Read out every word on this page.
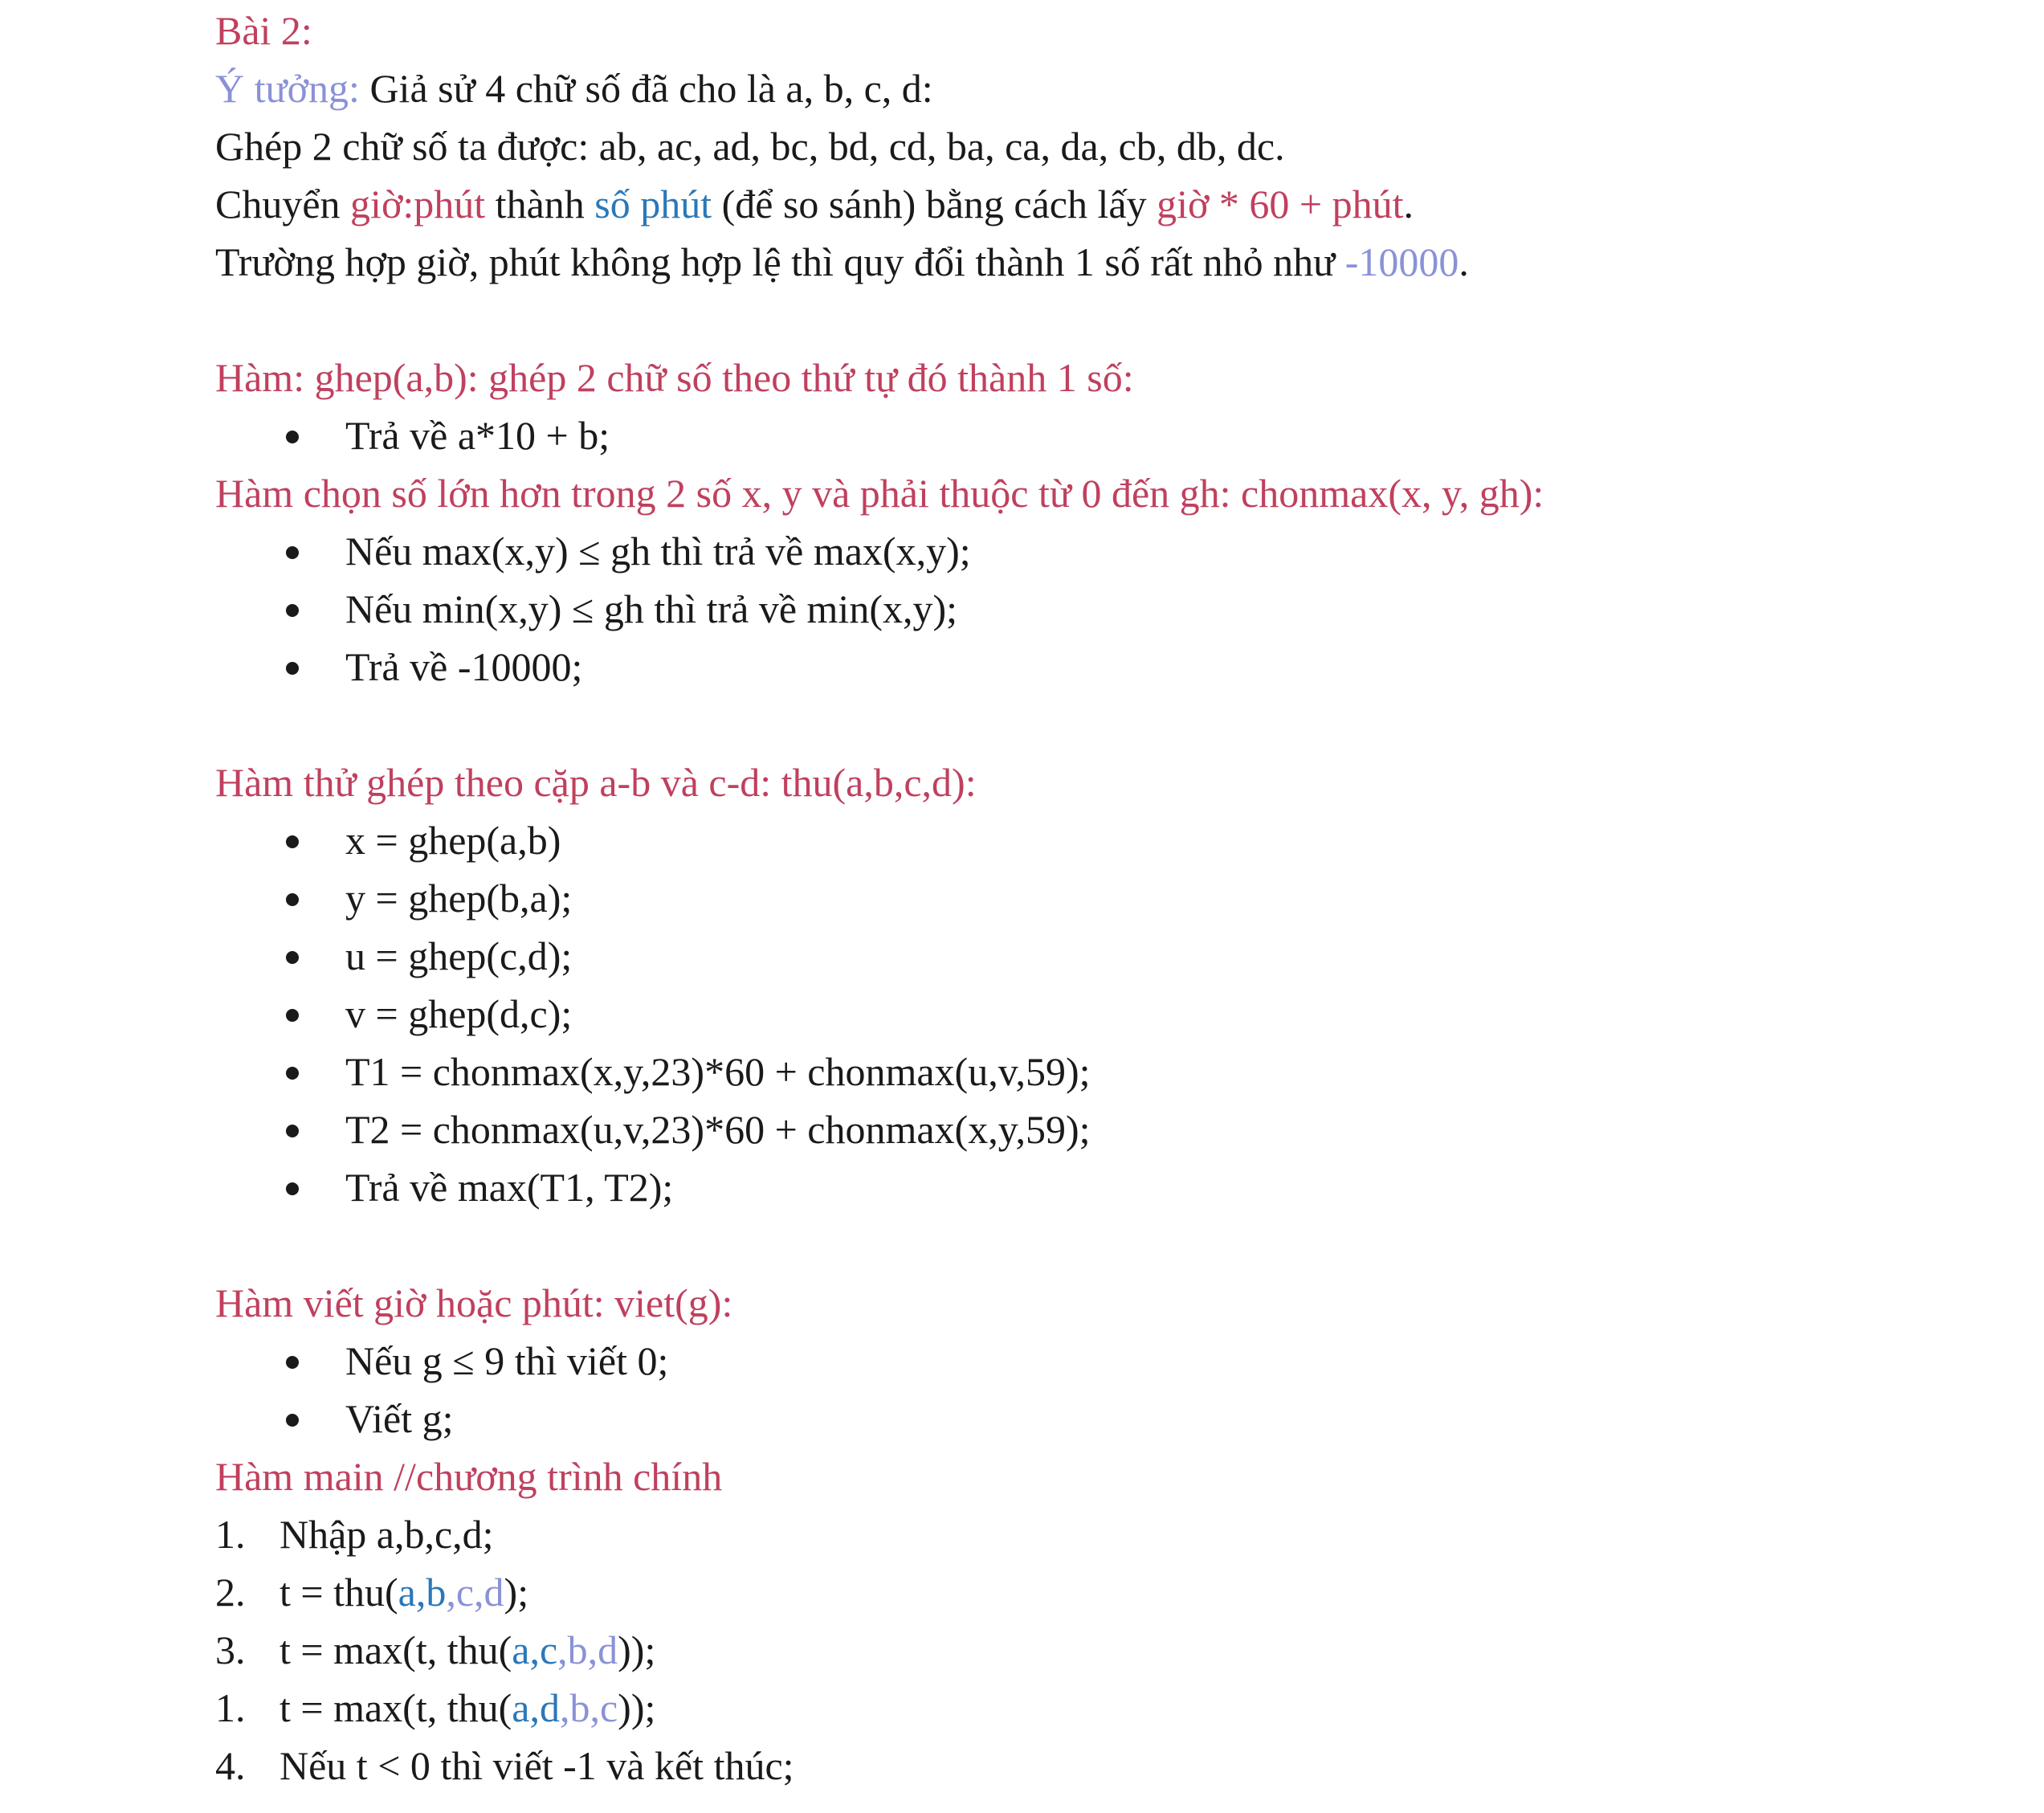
Bài 2:
Ý tưởng: Giả sử 4 chữ số đã cho là a, b, c, d:
Ghép 2 chữ số ta được: ab, ac, ad, bc, bd, cd, ba, ca, da, cb, db, dc.
Chuyển giờ:phút thành số phút (để so sánh) bằng cách lấy giờ * 60 + phút.
Trường hợp giờ, phút không hợp lệ thì quy đổi thành 1 số rất nhỏ như -10000.
Hàm: ghep(a,b): ghép 2 chữ số theo thứ tự đó thành 1 số:
Trả về a*10 + b;
Hàm chọn số lớn hơn trong 2 số x, y và phải thuộc từ 0 đến gh: chonmax(x, y, gh):
Nếu max(x,y) ≤ gh thì trả về max(x,y);
Nếu min(x,y) ≤ gh thì trả về min(x,y);
Trả về -10000;
Hàm thử ghép theo cặp a-b và c-d: thu(a,b,c,d):
x = ghep(a,b)
y = ghep(b,a);
u = ghep(c,d);
v = ghep(d,c);
T1 = chonmax(x,y,23)*60 + chonmax(u,v,59);
T2 = chonmax(u,v,23)*60 + chonmax(x,y,59);
Trả về max(T1, T2);
Hàm viết giờ hoặc phút: viet(g):
Nếu g ≤ 9 thì viết 0;
Viết g;
Hàm main //chương trình chính
1. Nhập a,b,c,d;
2. t = thu(a,b,c,d);
3. t = max(t, thu(a,c,b,d));
1. t = max(t, thu(a,d,b,c));
4. Nếu t < 0 thì viết -1 và kết thúc;
